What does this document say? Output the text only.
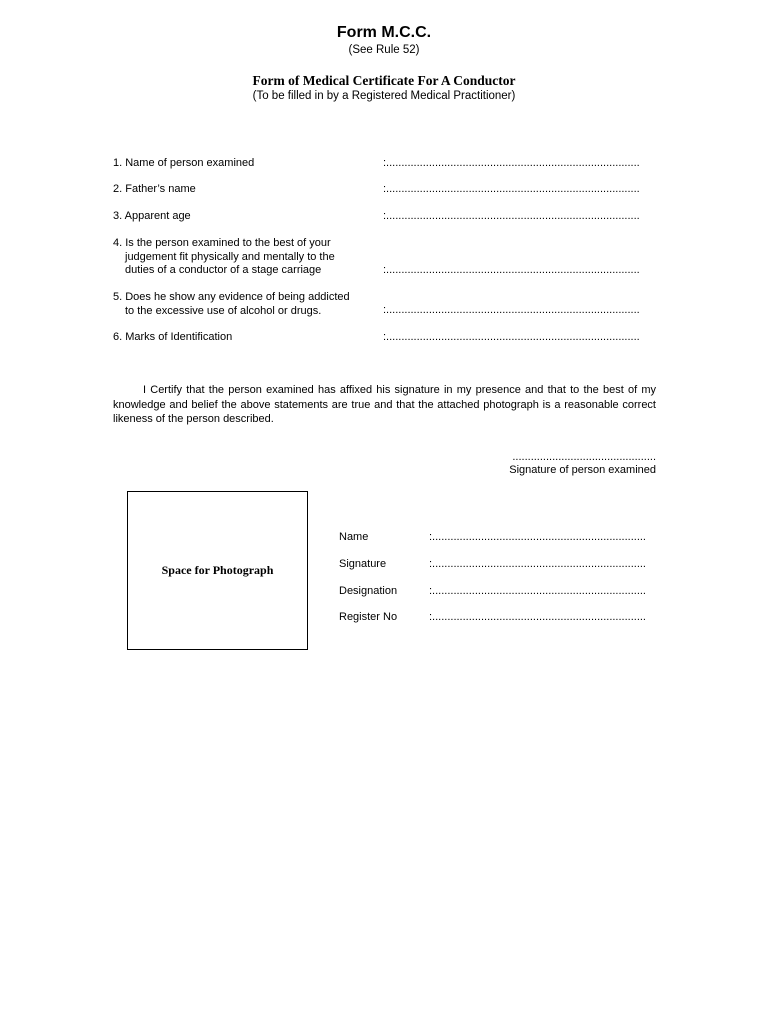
Form M.C.C.
(See Rule 52)
Form of Medical Certificate For A Conductor
(To be filled in by a Registered Medical Practitioner)
1. Name of person examined	:...................................................................................
2. Father’s name	:...................................................................................
3. Apparent age	:...................................................................................
4. Is the person examined to the best of your
judgement fit physically and mentally to the
duties of a conductor of a stage carriage	:...................................................................................
5. Does he show any evidence of being addicted
to the excessive use of alcohol or drugs.	:...................................................................................
6. Marks of Identification	:...................................................................................
I Certify that the person examined has affixed his signature in my presence and that to the best of my knowledge and belief the above statements are true and that the attached photograph is a reasonable correct likeness of the person described.
...............................................
Signature of person examined
Space for Photograph
Name	:......................................................................
Signature	:......................................................................
Designation	:......................................................................
Register No	:......................................................................
